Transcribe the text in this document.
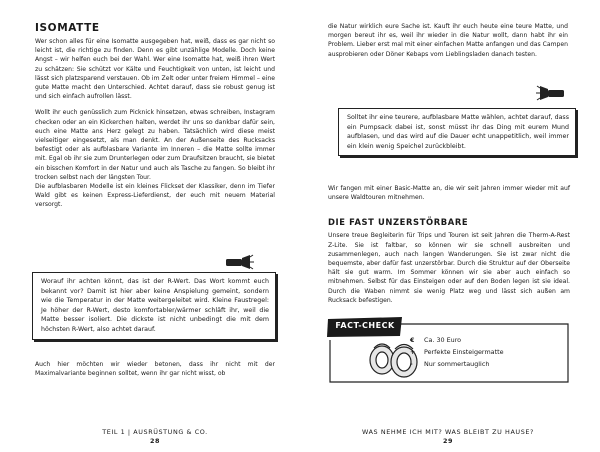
ISOMATTE

Wer schon alles für eine Isomatte ausgegeben hat, weiß, dass es gar nicht so leicht ist, die richtige zu finden. Denn es gibt unzählige Modelle. Doch keine Angst – wir helfen euch bei der Wahl. Wer eine Isomatte hat, weiß ihren Wert zu schätzen: Sie schützt vor Kälte und Feuchtigkeit von unten, ist leicht und lässt sich platzsparend verstauen. Ob im Zelt oder unter freiem Himmel – eine gute Matte macht den Unterschied. Achtet darauf, dass sie robust genug ist und sich einfach aufrollen lässt.

Wollt ihr euch genüsslich zum Picknick hinsetzen, etwas schreiben, Instagram checken oder an ein Kickerchen halten, werdet ihr uns so dankbar dafür sein, euch eine Matte ans Herz gelegt zu haben. Tatsächlich wird diese meist vielseitiger eingesetzt, als man denkt. An der Außenseite des Rucksacks befestigt oder als aufblasbare Variante im Inneren – die Matte sollte immer mit. Egal ob ihr sie zum Drunterlegen oder zum Draufsitzen braucht, sie bietet ein bisschen Komfort in der Natur und auch als Tasche zu fangen. So bleibt ihr trocken selbst nach der längsten Tour.

Die aufblasbaren Modelle ist ein kleines Flickset der Klassiker, denn im Tiefer Wald gibt es keinen Express-Lieferdienst, der euch mit neuem Material versorgt.

Worauf ihr achten könnt, das ist der R-Wert. Das Wort kommt euch bekannt vor? Damit ist hier aber keine Anspielung gemeint, sondern wie die Temperatur in der Matte weitergeleitet wird. Kleine Faustregel: Je höher der R-Wert, desto komfortabler/wärmer schläft ihr, weil die Matte besser isoliert. Die dickste ist nicht unbedingt die mit dem höchsten R-Wert, also achtet darauf.

Auch hier möchten wir wieder betonen, dass ihr nicht mit der Maximalvariante beginnen solltet, wenn ihr gar nicht wisst, ob

TEIL 1 | AUSRÜSTUNG & CO.
28

die Natur wirklich eure Sache ist. Kauft ihr euch heute eine teure Matte, und morgen bereut ihr es, weil ihr wieder in die Natur wollt, dann habt ihr ein Problem. Lieber erst mal mit einer einfachen Matte anfangen und das Campen ausprobieren oder Döner Kebaps vom Lieblingsladen danach testen.

Solltet ihr eine teurere, aufblasbare Matte wählen, achtet darauf, dass ein Pumpsack dabei ist, sonst müsst ihr das Ding mit eurem Mund aufblasen, und das wird auf die Dauer echt unappetitlich, weil immer ein klein wenig Speichel zurückbleibt.

Wir fangen mit einer Basic-Matte an, die wir seit Jahren immer wieder mit auf unsere Waldtouren mitnehmen.

DIE FAST UNZERSTÖRBARE

Unsere treue Begleiterin für Trips und Touren ist seit Jahren die Therm-A-Rest Z-Lite. Sie ist faltbar, so können wir sie schnell ausbreiten und zusammenlegen, auch nach langen Wanderungen. Sie ist zwar nicht die bequemste, aber dafür fast unzerstörbar. Durch die Struktur auf der Oberseite hält sie gut warm. Im Sommer können wir sie aber auch einfach so mitnehmen. Selbst für das Einsteigen oder auf den Boden legen ist sie ideal. Durch die Waben nimmt sie wenig Platz weg und lässt sich außen am Rucksack befestigen.

FACT-CHECK
€ Ca. 30 Euro
+ Perfekte Einsteigermatte
- Nur sommertauglich
WAS NEHME ICH MIT? WAS BLEIBT ZU HAUSE?
29
